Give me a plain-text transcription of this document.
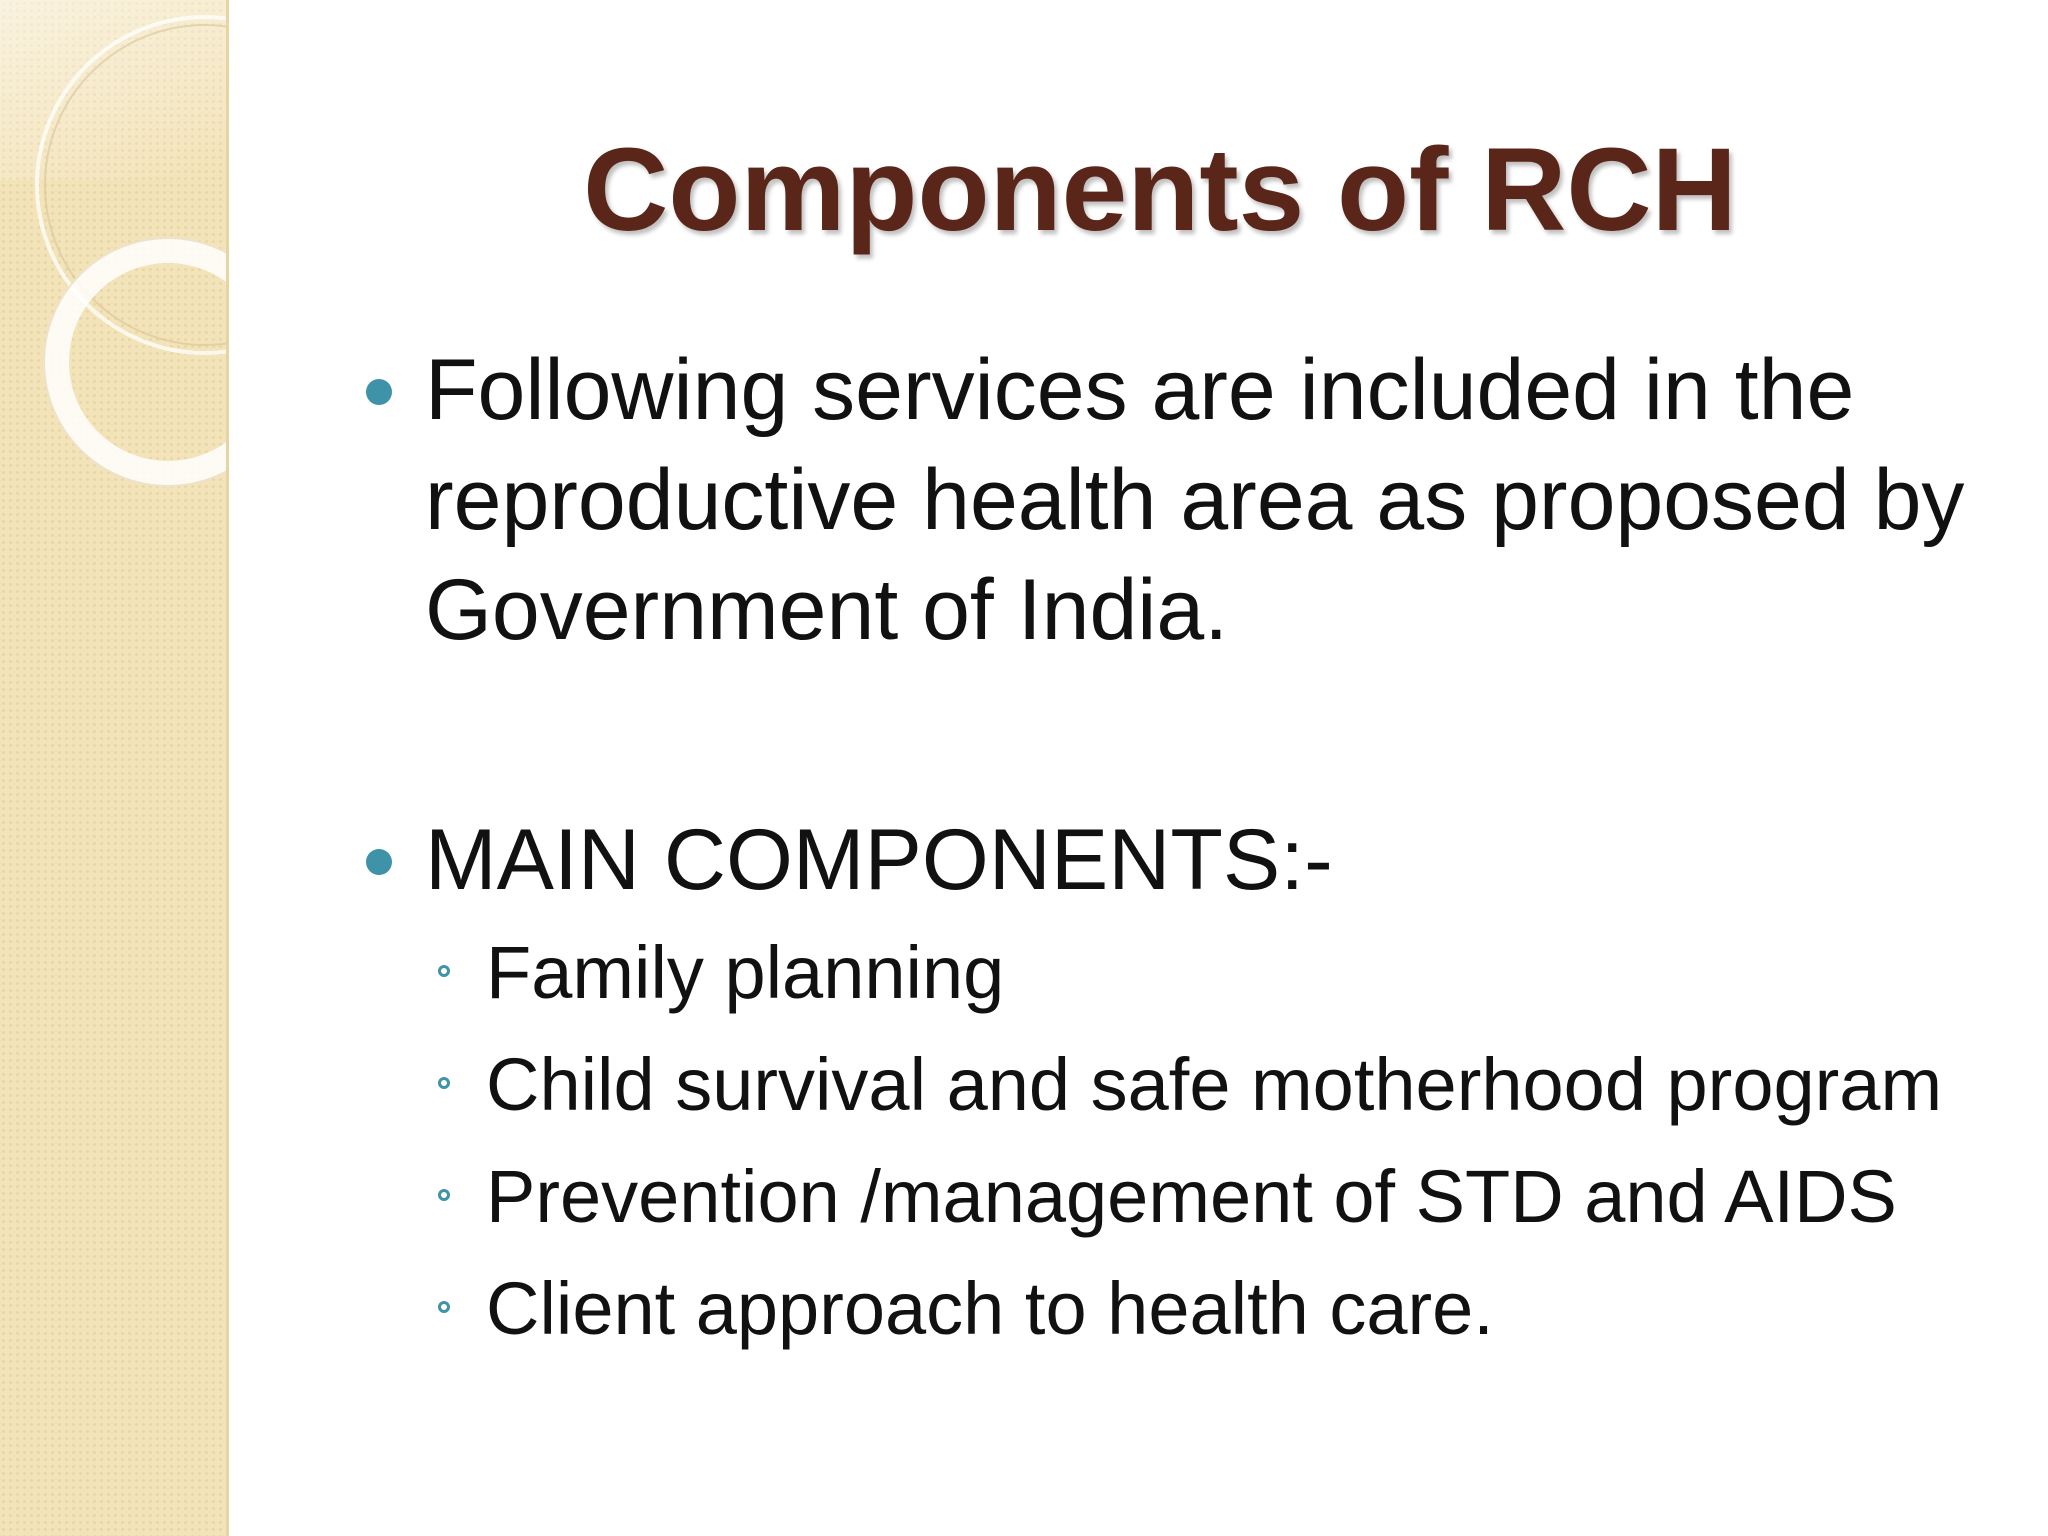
Components of RCH
Following services are included in the reproductive health area as proposed by Government of India.
MAIN COMPONENTS:-
Family planning
Child survival and safe motherhood program
Prevention /management of STD and AIDS
Client approach to health care.
